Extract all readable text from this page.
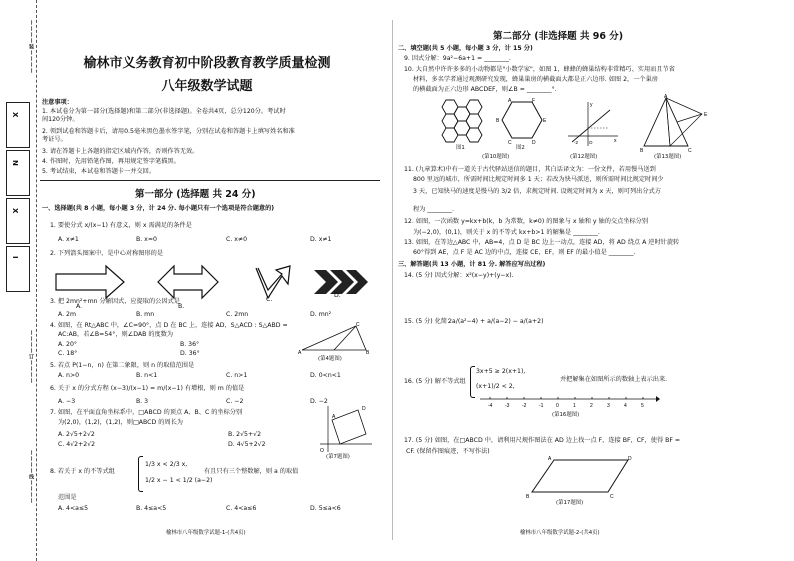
X
N
X
I
————装————
————订————
————线————
榆林市义务教育初中阶段教育教学质量检测
八年级数学试题
注意事项：
1. 本试卷分为第一部分(选择题)和第二部分(非选择题)。全卷共4页，总分120分。考试时
间120分钟。
2. 领到试卷和答题卡后，请用0.5毫米黑色墨水签字笔，分别在试卷和答题卡上填写姓名和准
考证号。
3. 请在答题卡上各题的指定区域内作答，否则作答无效。
4. 作图时，先用铅笔作图，再用规定签字笔描黑。
5. 考试结束，本试卷和答题卡一并交回。
第一部分 (选择题 共 24 分)
一、选择题(共 8 小题，每小题 3 分，计 24 分. 每小题只有一个选项是符合题意的)
1. 要使分式 x/(x−1) 有意义，则 x 需满足的条件是
A. x≠1	B. x=0	C. x≠0	D. x≠1
2. 下列箭头图案中，是中心对称图形的是
A.	B.
C.
D.
3. 把 2mn²+mn 分解因式，应提取的公因式是
A. 2m	B. mn	C. 2mn	D. mn²
4. 如图，在 Rt△ABC 中，∠C=90°，点 D 在 BC 上，连接 AD，S△ACD : S△ABD =
AC:AB，若∠B=54°，则∠DAB 的度数为
A. 20°	B. 36°
C. 18°	D. 36°
C
A	B
(第4题图)
5. 若点 P(1−n，n) 在第二象限，则 n 的取值范围是
A. n>0	B. n<1	C. n>1	D. 0<n<1
6. 关于 x 的分式方程 (x−3)/(x−1) = m/(x−1) 有增根，则 m 的值是
A. −3	B. 3	C. −2	D. −2
7. 如图，在平面直角坐标系中，□ABCD 的顶点 A、B、C 的坐标分别
为(2,0)，(1,2)，(1,2)，则□ABCD 的周长为
A. 2√5+2√2	B. 2√5+√2
C. 4√2+2√2	D. 4√5+2√2
D
A
O
(第7题图)
8. 若关于 x 的不等式组
1/3 x < 2/3 x,
1/2 x − 1 < 1/2 (a−2)
有且只有三个整数解，则 a 的取值
范围是
A. 4<a≤5	B. 4≤a<5	C. 4<a≤6	D. 5≤a<6
榆林市八年级数学试题-1-(共4页)
第二部分 (非选择题 共 96 分)
二、填空题(共 5 小题，每小题 3 分，计 15 分)
9. 因式分解：9a²−6a+1 = ________.
10. 大自然中许许多多的小动物都是"小数学家"，如图 1，蜂蜂的蜂巢结构非常精巧、实用而且节省
材料，多名学者通过观测研究发现，蜂巢巢房的横截面大都是正六边形. 如图 2，一个巢房
的横截面为正六边形 ABCDEF，则∠B = ________°.
图1
A	F
B	E
C	D
图2
(第10题图)
x
y
-2 O
(第12题图)
A
E
B	C
(第13题图)
11. (九章算术)中有一道关于古代驿站送信的题目，其白话译文为：一份文件，若用慢马送到
800 里远的城市，所需时间比规定时间多 1 天；若改为快马派送，则所需时间比规定时间少
3 天，已知快马的速度是慢马的 3/2 倍，求规定时间. 设规定时间为 x 天，则可列出分式方
程为 ________.
12. 如图，一次函数 y=kx+b(k，b 为常数，k≠0) 的图象与 x 轴和 y 轴的交点坐标分别
为(−2,0)，(0,1)，则关于 x 的不等式 kx+b>1 的解集是 ________.
13. 如图，在等边△ABC 中，AB=4，点 D 是 BC 边上一动点，连接 AD，将 AD 绕点 A 逆时针旋转
60°得到 AE，点 F 是 AC 边的中点，连接 CE，EF，则 EF 的最小值是 ________.
三、解答题(共 13 小题，计 81 分. 解答应写出过程)
14. (5 分) 因式分解：x²(x−y)+(y−x).
15. (5 分) 化简：
2a/(a²−4) + a/(a−2) − a/(a+2)
16. (5 分) 解不等式组
3x+5 ≥ 2(x+1),
(x+1)/2 < 2,
并把解集在如图所示的数轴上表示出来.
-4	-3	-2	-1	0	1	2	3	4	5
(第16题图)
17. (5 分) 如图，在□ABCD 中，请利用尺规作图法在 AD 边上找一点 F，连接 BF，CF，使得 BF =
CF. (保留作图痕迹，不写作法)
A	D
B	C
(第17题图)
榆林市八年级数学试题-2-(共4页)
